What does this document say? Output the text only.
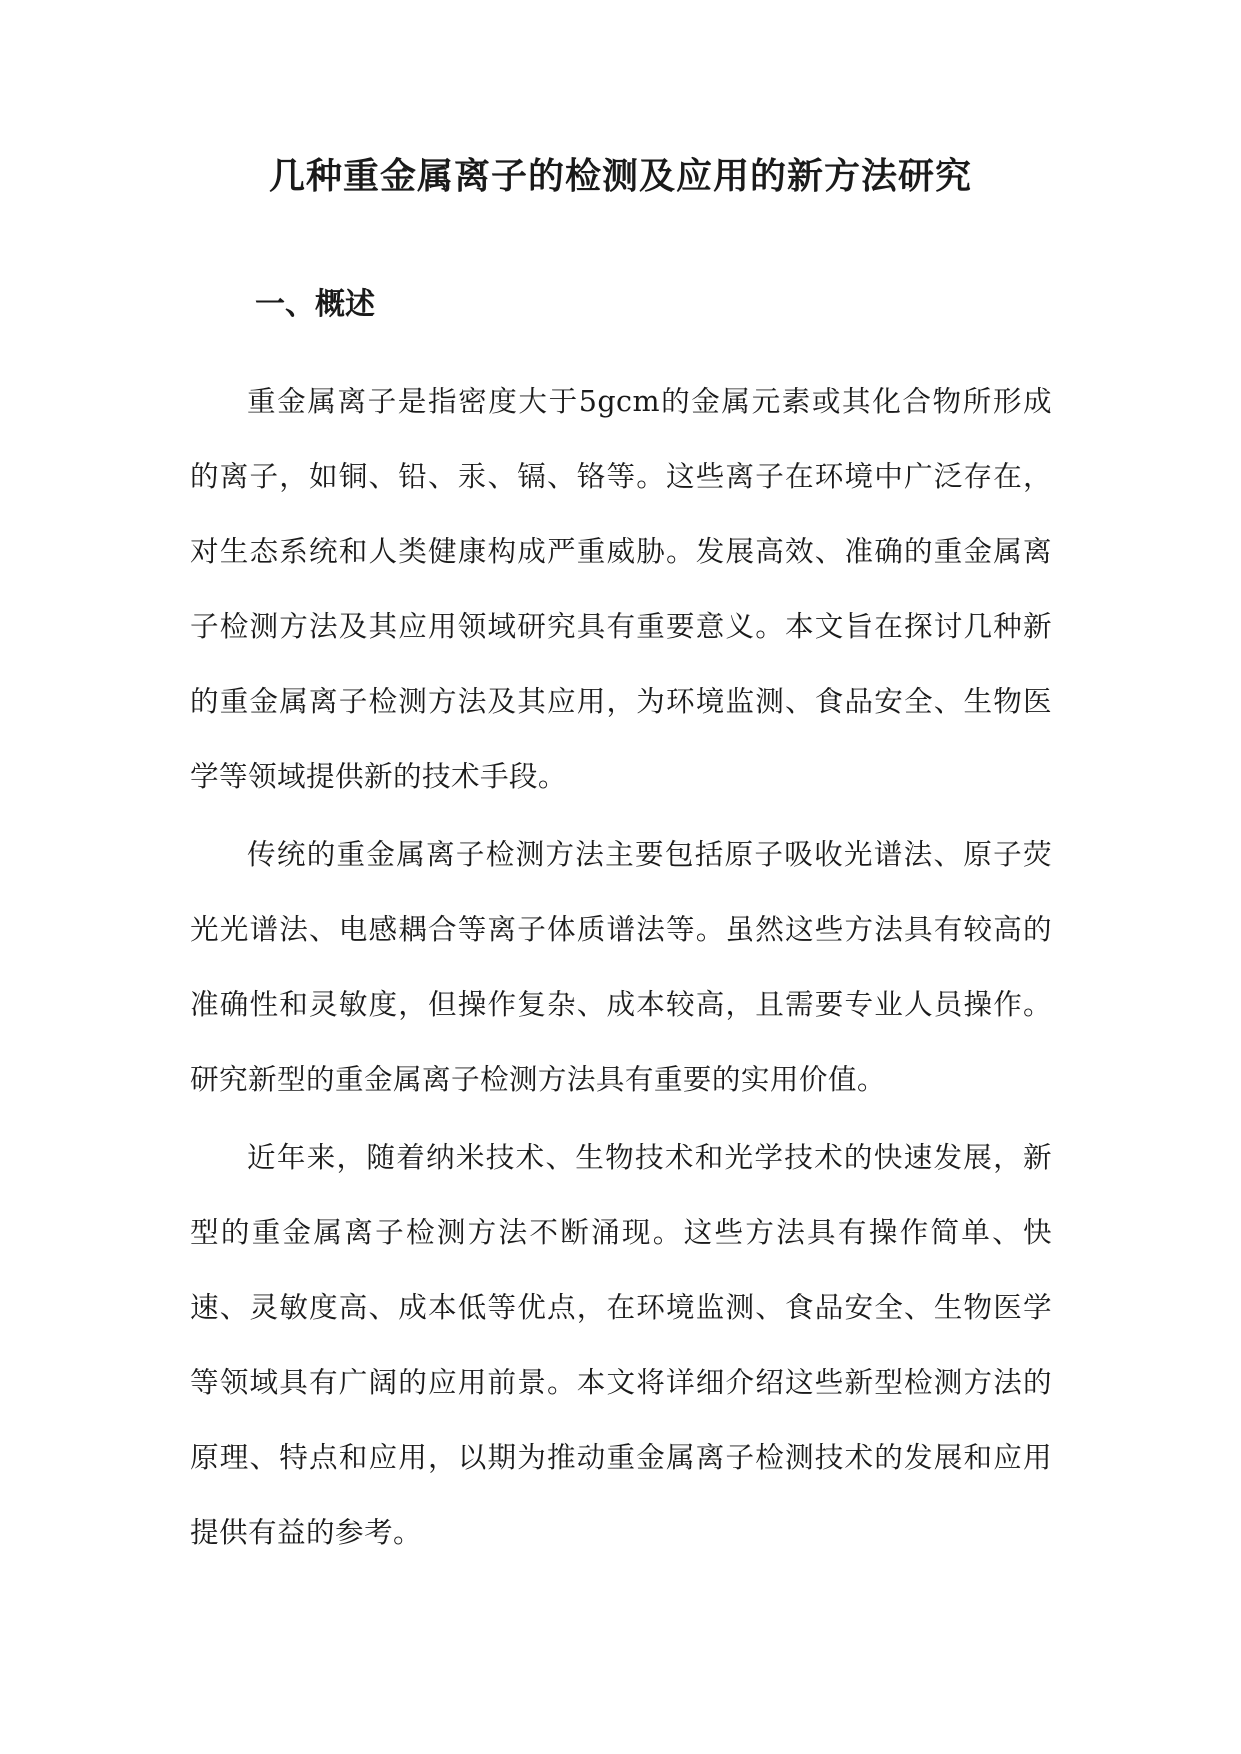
几种重金属离子的检测及应用的新方法研究
一、概述

重金属离子是指密度大于5gcm的金属元素或其化合物所形成的离子，如铜、铅、汞、镉、铬等。这些离子在环境中广泛存在，对生态系统和人类健康构成严重威胁。发展高效、准确的重金属离子检测方法及其应用领域研究具有重要意义。本文旨在探讨几种新的重金属离子检测方法及其应用，为环境监测、食品安全、生物医学等领域提供新的技术手段。

传统的重金属离子检测方法主要包括原子吸收光谱法、原子荧光光谱法、电感耦合等离子体质谱法等。虽然这些方法具有较高的准确性和灵敏度，但操作复杂、成本较高，且需要专业人员操作。研究新型的重金属离子检测方法具有重要的实用价值。

近年来，随着纳米技术、生物技术和光学技术的快速发展，新型的重金属离子检测方法不断涌现。这些方法具有操作简单、快速、灵敏度高、成本低等优点，在环境监测、食品安全、生物医学等领域具有广阔的应用前景。本文将详细介绍这些新型检测方法的原理、特点和应用，以期为推动重金属离子检测技术的发展和应用提供有益的参考。
